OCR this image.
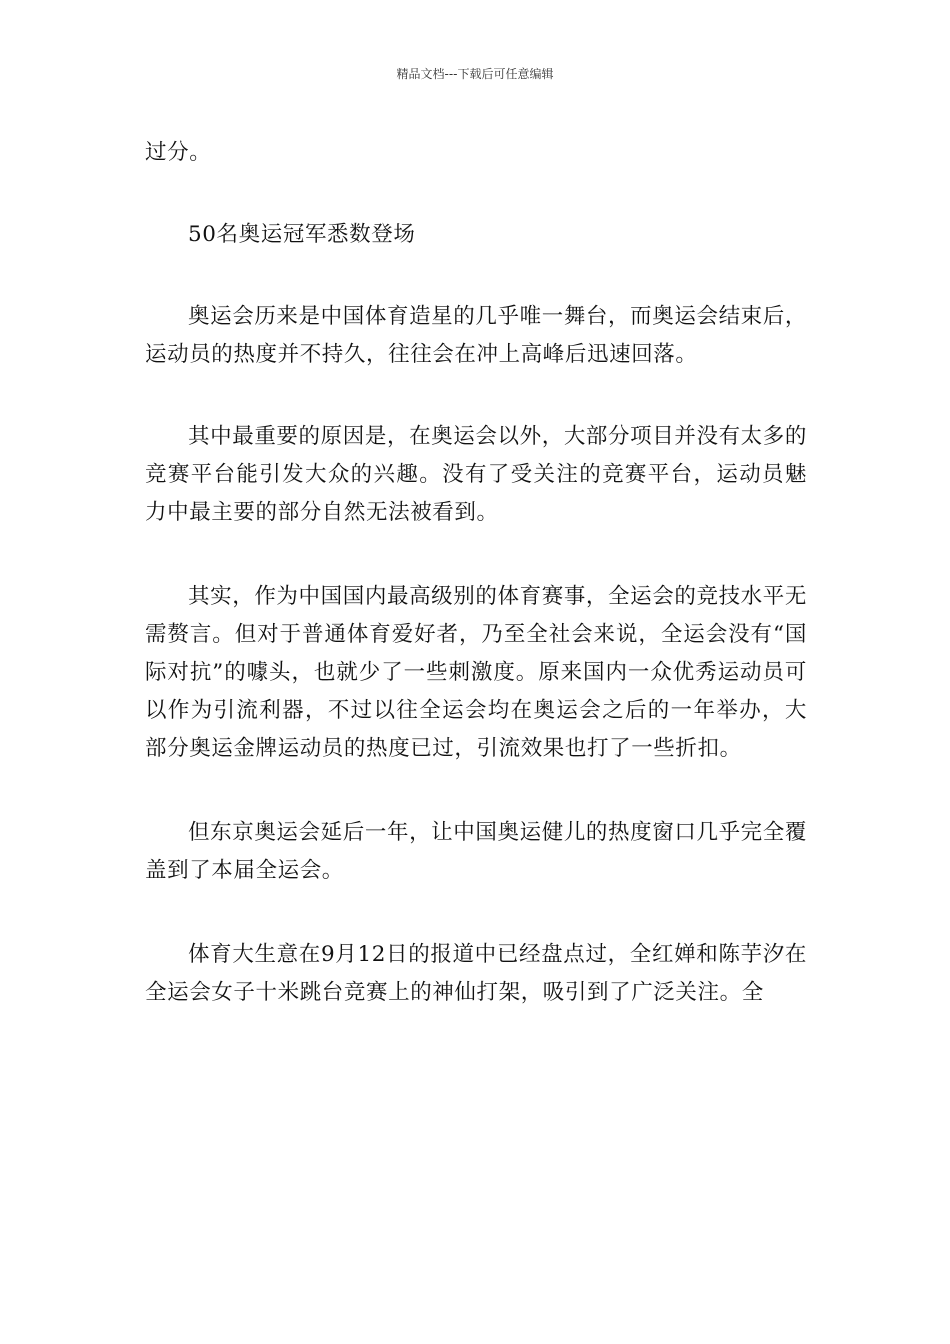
精品文档---下载后可任意编辑

过分。

50名奥运冠军悉数登场

奥运会历来是中国体育造星的几乎唯一舞台，而奥运会结束后，运动员的热度并不持久，往往会在冲上高峰后迅速回落。

其中最重要的原因是，在奥运会以外，大部分项目并没有太多的竞赛平台能引发大众的兴趣。没有了受关注的竞赛平台，运动员魅力中最主要的部分自然无法被看到。

其实，作为中国国内最高级别的体育赛事，全运会的竞技水平无需赘言。但对于普通体育爱好者，乃至全社会来说，全运会没有“国际对抗”的噱头，也就少了一些刺激度。原来国内一众优秀运动员可以作为引流利器，不过以往全运会均在奥运会之后的一年举办，大部分奥运金牌运动员的热度已过，引流效果也打了一些折扣。

但东京奥运会延后一年，让中国奥运健儿的热度窗口几乎完全覆盖到了本届全运会。

体育大生意在9月12日的报道中已经盘点过，全红婵和陈芋汐在全运会女子十米跳台竞赛上的神仙打架，吸引到了广泛关注。全
